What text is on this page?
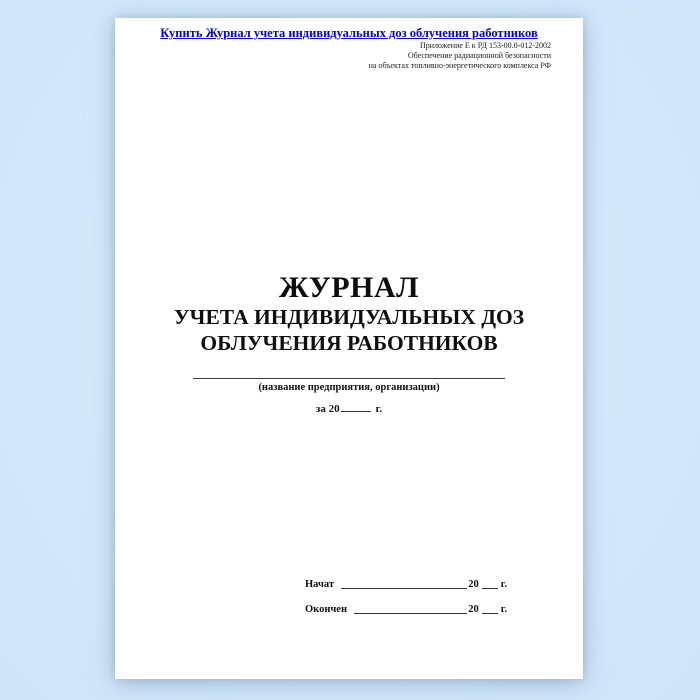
Купить Журнал учета индивидуальных доз облучения работников
Приложение Е к РД 153-00.0-012-2002
Обеспечение радиационной безопасности
на объектах топливно-энергетического комплекса РФ
ЖУРНАЛ
УЧЕТА ИНДИВИДУАЛЬНЫХ ДОЗ
ОБЛУЧЕНИЯ РАБОТНИКОВ
(название предприятия, организации)
за 20	г.
Начат	20 г.
Окончен	20 г.
